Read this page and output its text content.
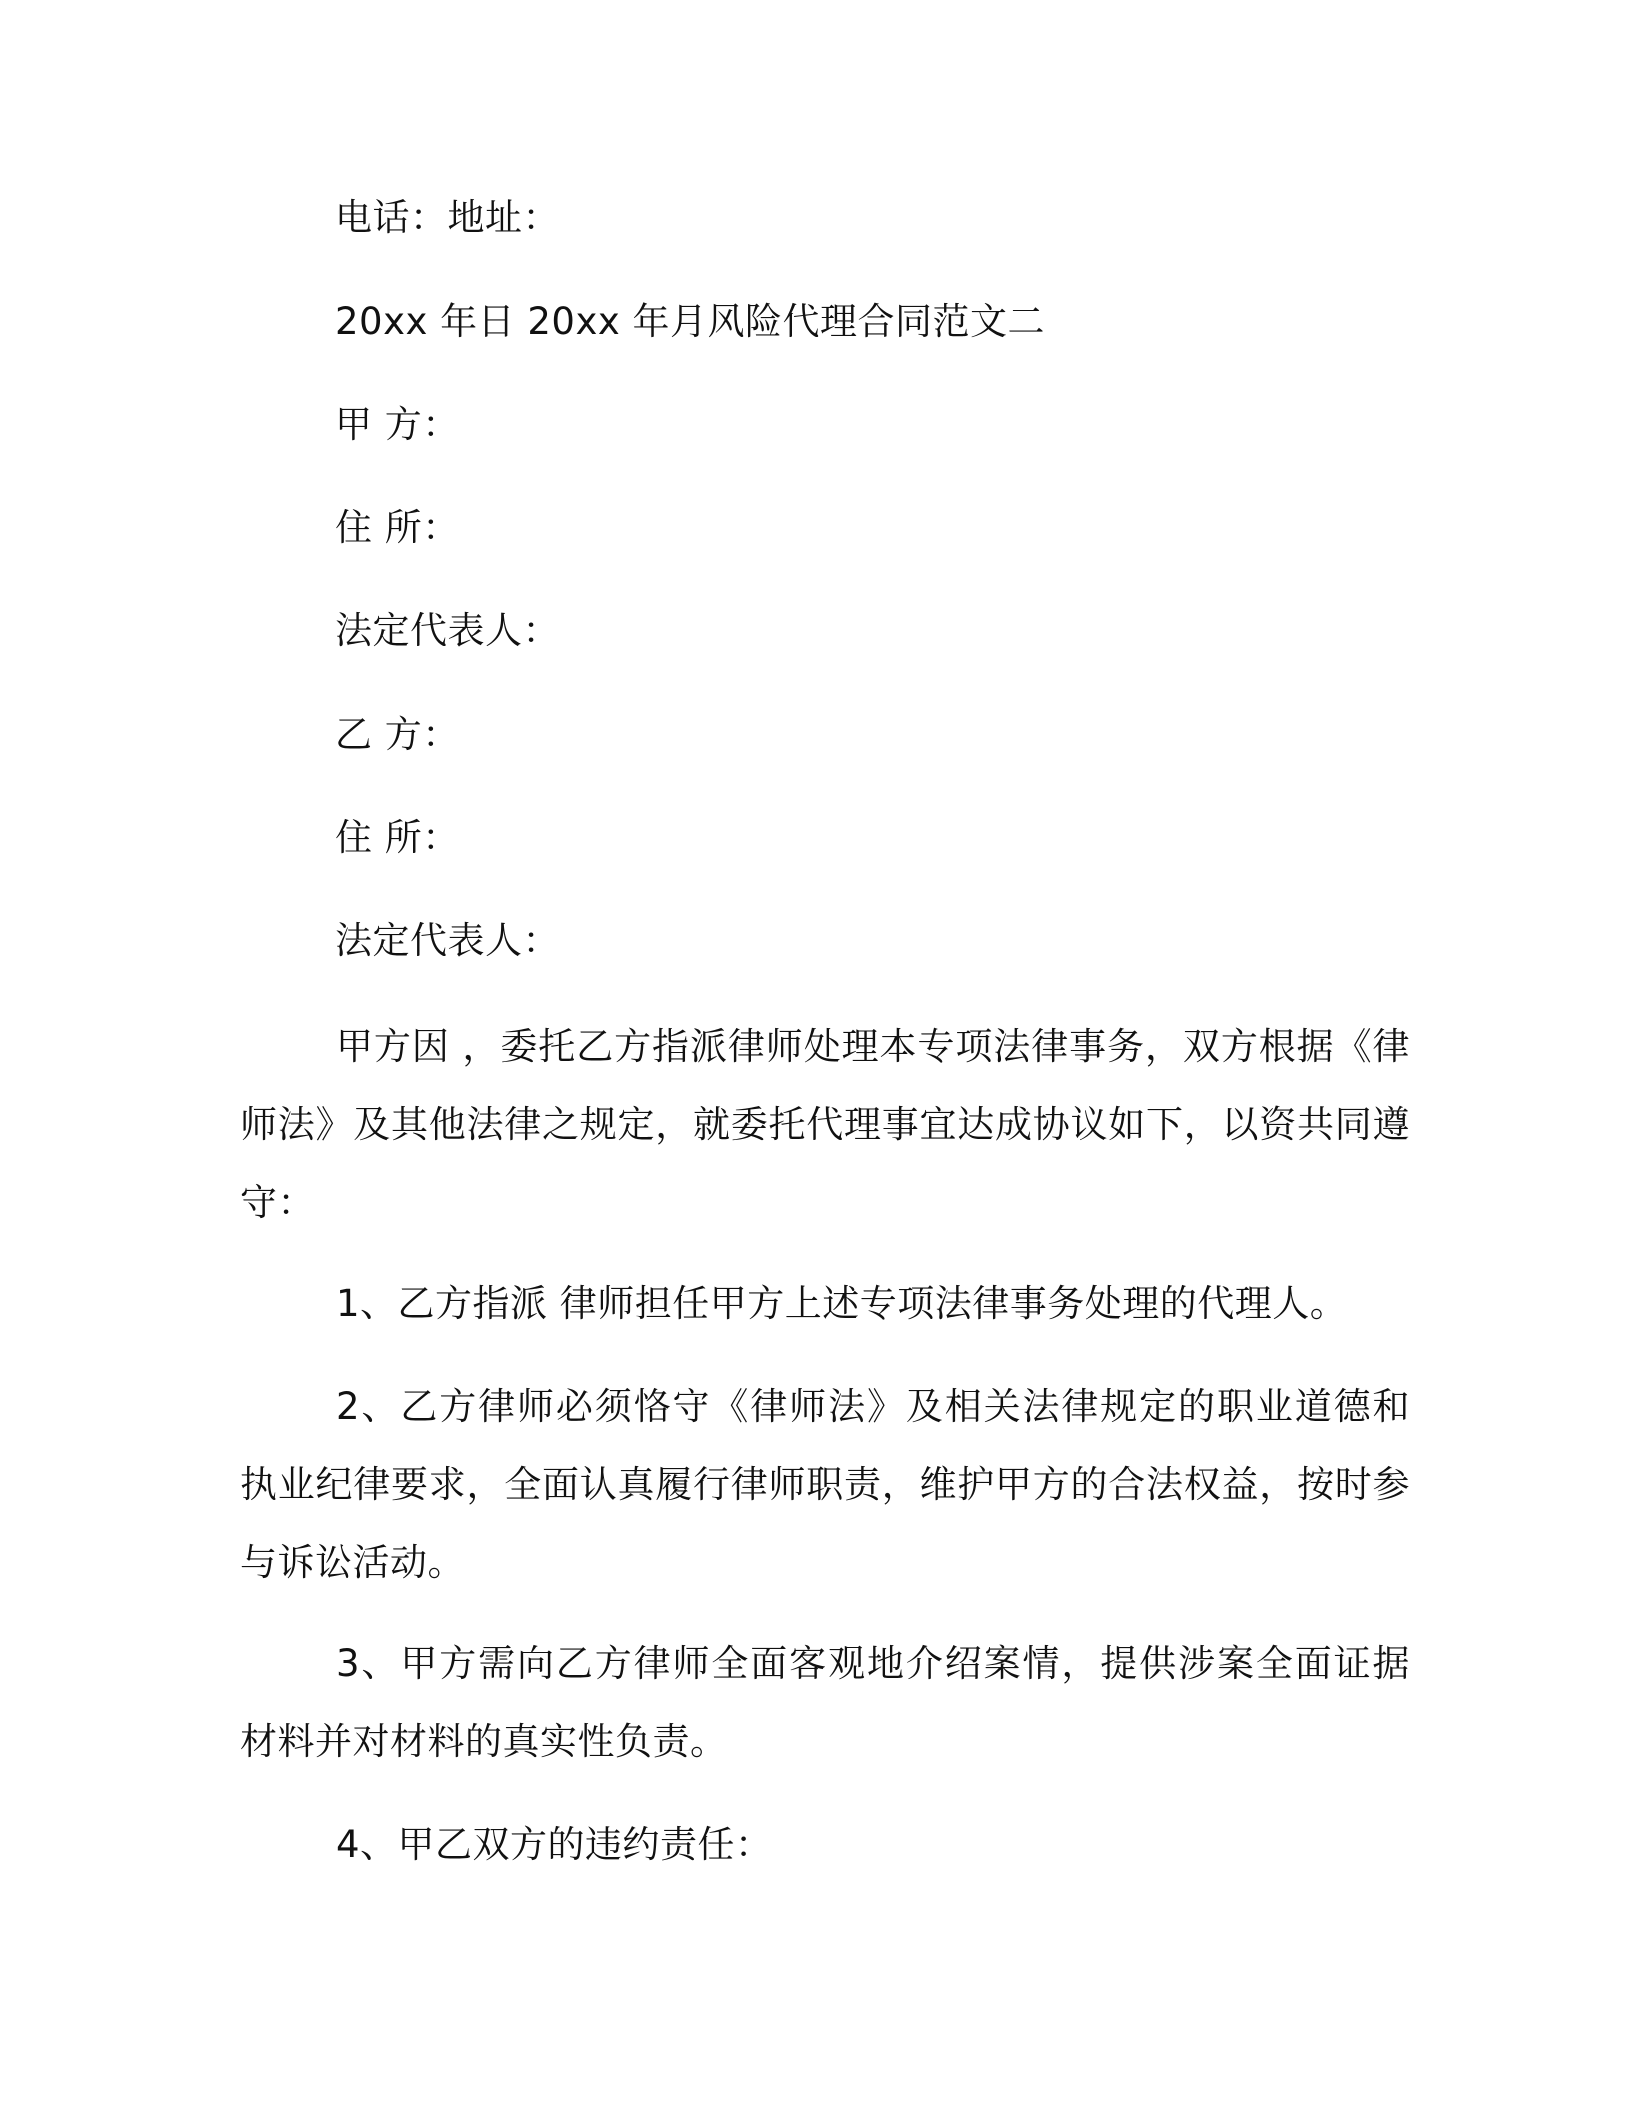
电话：地址：
20xx 年日 20xx 年月风险代理合同范文二
甲 方：
住 所：
法定代表人：
乙 方：
住 所：
法定代表人：
甲方因 ，委托乙方指派律师处理本专项法律事务，双方根据《律师法》及其他法律之规定，就委托代理事宜达成协议如下，以资共同遵守：
1、乙方指派 律师担任甲方上述专项法律事务处理的代理人。
2、乙方律师必须恪守《律师法》及相关法律规定的职业道德和执业纪律要求，全面认真履行律师职责，维护甲方的合法权益，按时参与诉讼活动。
3、甲方需向乙方律师全面客观地介绍案情，提供涉案全面证据材料并对材料的真实性负责。
4、甲乙双方的违约责任：
